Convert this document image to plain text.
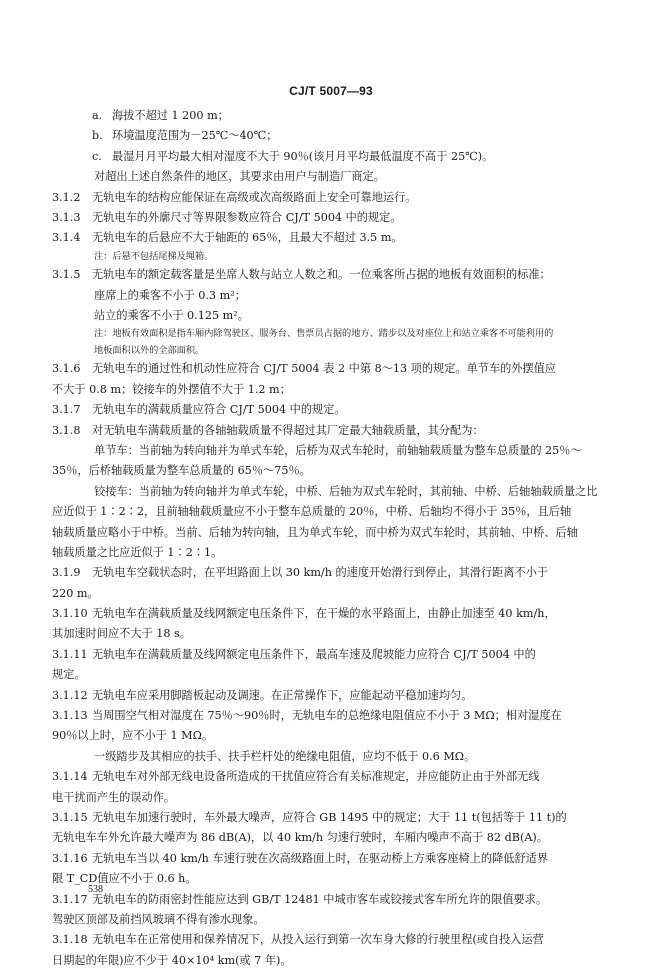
CJ/T 5007—93
a. 海拔不超过 1 200 m；
b. 环境温度范围为－25℃～40℃；
c. 最湿月月平均最大相对湿度不大于 90％(该月月平均最低温度不高于 25℃)。
对超出上述自然条件的地区，其要求由用户与制造厂商定。
3.1.2 无轨电车的结构应能保证在高级或次高级路面上安全可靠地运行。
3.1.3 无轨电车的外廓尺寸等界限参数应符合 CJ/T 5004 中的规定。
3.1.4 无轨电车的后悬应不大于轴距的 65％，且最大不超过 3.5 m。
注：后悬不包括尾梯及绳箱。
3.1.5 无轨电车的额定载客量是坐席人数与站立人数之和。一位乘客所占据的地板有效面积的标准：
座席上的乘客不小于 0.3 m²；
站立的乘客不小于 0.125 m²。
注：地板有效面积是指车厢内除驾驶区、服务台、售票员占据的地方、踏步以及对座位上和站立乘客不可能利用的
地板面积以外的全部面积。
3.1.6 无轨电车的通过性和机动性应符合 CJ/T 5004 表 2 中第 8～13 项的规定。单节车的外摆值应
不大于 0.8 m；铰接车的外摆值不大于 1.2 m；
3.1.7 无轨电车的满载质量应符合 CJ/T 5004 中的规定。
3.1.8 对无轨电车满载质量的各轴轴载质量不得超过其厂定最大轴载质量，其分配为：
单节车：当前轴为转向轴并为单式车轮，后桥为双式车轮时，前轴轴载质量为整车总质量的 25％～
35％，后桥轴载质量为整车总质量的 65％～75％。
铰接车：当前轴为转向轴并为单式车轮，中桥、后轴为双式车轮时，其前轴、中桥、后轴轴载质量之比
应近似于 1∶2∶2，且前轴轴载质量应不小于整车总质量的 20％，中桥、后轴均不得小于 35％，且后轴
轴载质量应略小于中桥。当前、后轴为转向轴，且为单式车轮，而中桥为双式车轮时，其前轴、中桥、后轴
轴载质量之比应近似于 1∶2∶1。
3.1.9 无轨电车空载状态时，在平坦路面上以 30 km/h 的速度开始滑行到停止，其滑行距离不小于
220 m。
3.1.10 无轨电车在满载质量及线网额定电压条件下，在干燥的水平路面上，由静止加速至 40 km/h，
其加速时间应不大于 18 s。
3.1.11 无轨电车在满载质量及线网额定电压条件下，最高车速及爬坡能力应符合 CJ/T 5004 中的
规定。
3.1.12 无轨电车应采用脚踏板起动及调速。在正常操作下，应能起动平稳加速均匀。
3.1.13 当周围空气相对湿度在 75％～90％时，无轨电车的总绝缘电阻值应不小于 3 MΩ；相对湿度在
90％以上时，应不小于 1 MΩ。
一级踏步及其相应的扶手、扶手栏杆处的绝缘电阻值，应均不低于 0.6 MΩ。
3.1.14 无轨电车对外部无线电设备所造成的干扰值应符合有关标准规定，并应能防止由于外部无线
电干扰而产生的误动作。
3.1.15 无轨电车加速行驶时，车外最大噪声，应符合 GB 1495 中的规定；大于 11 t(包括等于 11 t)的
无轨电车车外允许最大噪声为 86 dB(A)，以 40 km/h 匀速行驶时，车厢内噪声不高于 82 dB(A)。
3.1.16 无轨电车当以 40 km/h 车速行驶在次高级路面上时，在驱动桥上方乘客座椅上的降低舒适界
限 T_CD值应不小于 0.6 h。
3.1.17 无轨电车的防雨密封性能应达到 GB/T 12481 中城市客车或铰接式客车所允许的限值要求。
驾驶区顶部及前挡风玻璃不得有渗水现象。
3.1.18 无轨电车在正常使用和保养情况下，从投入运行到第一次车身大修的行驶里程(或自投入运营
日期起的年限)应不少于 40×10⁴ km(或 7 年)。
538
